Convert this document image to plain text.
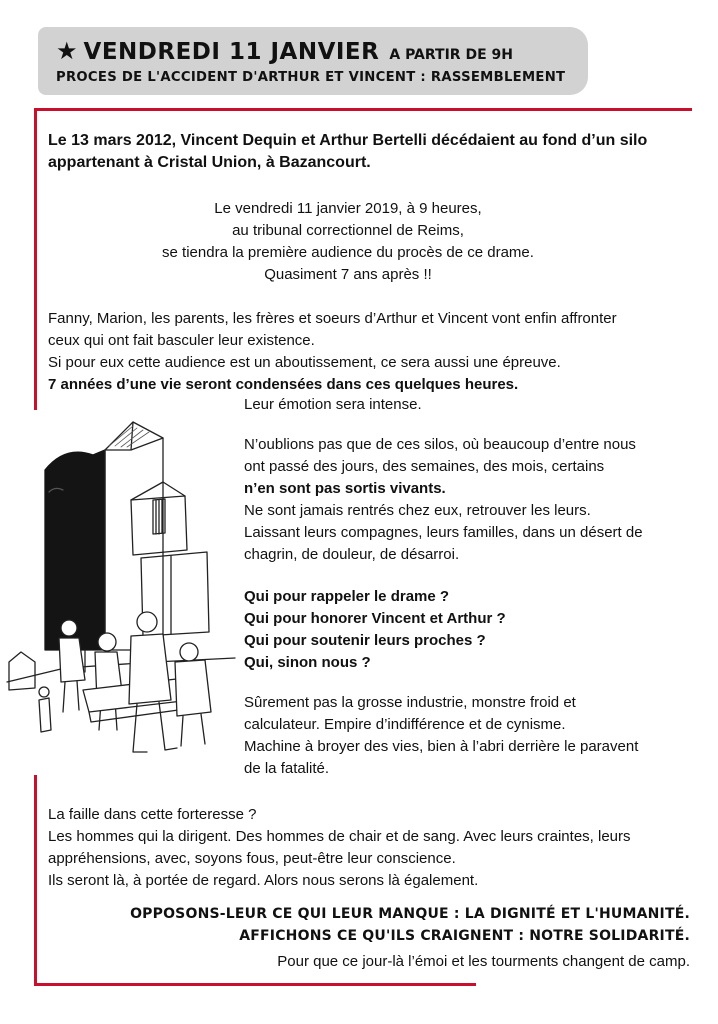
★ VENDREDI 11 JANVIER A PARTIR DE 9H
PROCES DE L'ACCIDENT D'ARTHUR ET VINCENT : RASSEMBLEMENT

Le 13 mars 2012, Vincent Dequin et Arthur Bertelli décédaient au fond d’un silo appartenant à Cristal Union, à Bazancourt.

Le vendredi 11 janvier 2019, à 9 heures,
au tribunal correctionnel de Reims,
se tiendra la première audience du procès de ce drame.
Quasiment 7 ans après !!
Fanny, Marion, les parents, les frères et soeurs d’Arthur et Vincent vont enfin affronter
ceux qui ont fait basculer leur existence.
Si pour eux cette audience est un aboutissement, ce sera aussi une épreuve.
7 années d’une vie seront condensées dans ces quelques heures.
Leur émotion sera intense.
N’oublions pas que de ces silos, où beaucoup d’entre nous
ont passé des jours, des semaines, des mois, certains
n’en sont pas sortis vivants.
Ne sont jamais rentrés chez eux, retrouver les leurs.
Laissant leurs compagnes, leurs familles, dans un désert de
chagrin, de douleur, de désarroi.
Qui pour rappeler le drame ?
Qui pour honorer Vincent et Arthur ?
Qui pour soutenir leurs proches ?
Qui, sinon nous ?
Sûrement pas la grosse industrie, monstre froid et
calculateur. Empire d’indifférence et de cynisme.
Machine à broyer des vies, bien à l’abri derrière le paravent
de la fatalité.
La faille dans cette forteresse ?
Les hommes qui la dirigent. Des hommes de chair et de sang. Avec leurs craintes, leurs
appréhensions, avec, soyons fous, peut-être leur conscience.
Ils seront là, à portée de regard. Alors nous serons là également.
OPPOSONS-LEUR CE QUI LEUR MANQUE : LA DIGNITÉ ET L'HUMANITÉ.
AFFICHONS CE QU'ILS CRAIGNENT : NOTRE SOLIDARITÉ.
Pour que ce jour-là l’émoi et les tourments changent de camp.
